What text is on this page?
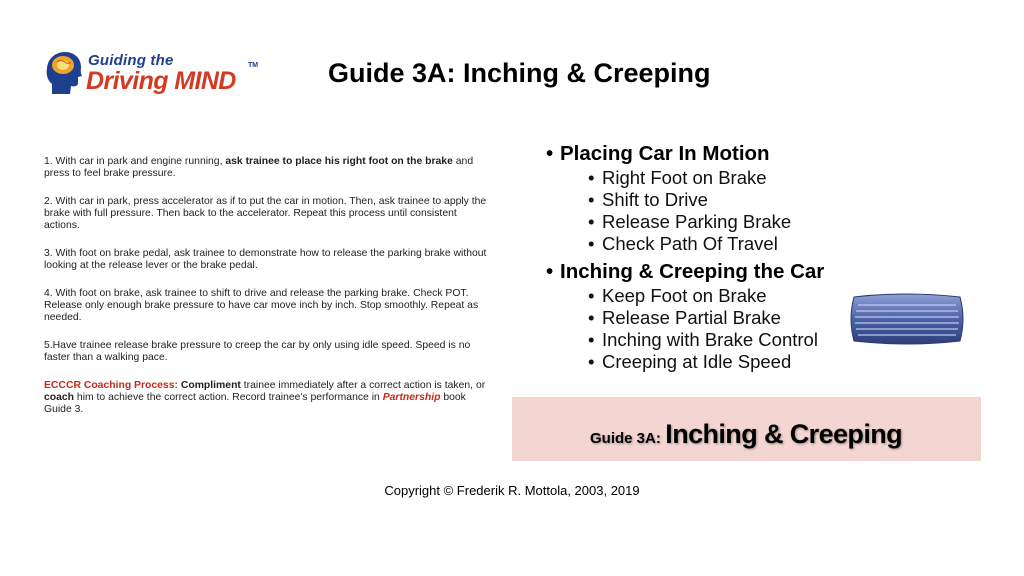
Guiding the
Driving MIND
TM	Guide 3A: Inching & Creeping
1. With car in park and engine running, ask trainee to place his right foot on the brake and press to feel brake pressure.
2. With car in park, press accelerator as if to put the car in motion. Then, ask trainee to apply the brake with full pressure. Then back to the accelerator. Repeat this process until consistent actions.
3. With foot on brake pedal, ask trainee to demonstrate how to release the parking brake without looking at the release lever or the brake pedal.
4. With foot on brake, ask trainee to shift to drive and release the parking brake. Check POT. Release only enough brake pressure to have car move inch by inch. Stop smoothly. Repeat as needed.
5.Have trainee release brake pressure to creep the car by only using idle speed. Speed is no faster than a walking pace.
ECCCR Coaching Process: Compliment trainee immediately after a correct action is taken, or coach him to achieve the correct action. Record trainee's performance in Partnership book Guide 3.
• Placing Car In Motion
• Right Foot on Brake
• Shift to Drive
• Release Parking Brake
• Check Path Of Travel
• Inching & Creeping the Car
• Keep Foot on Brake
• Release Partial Brake
• Inching with Brake Control
• Creeping at Idle Speed
Guide 3A: Inching & Creeping
Copyright © Frederik R. Mottola, 2003, 2019
